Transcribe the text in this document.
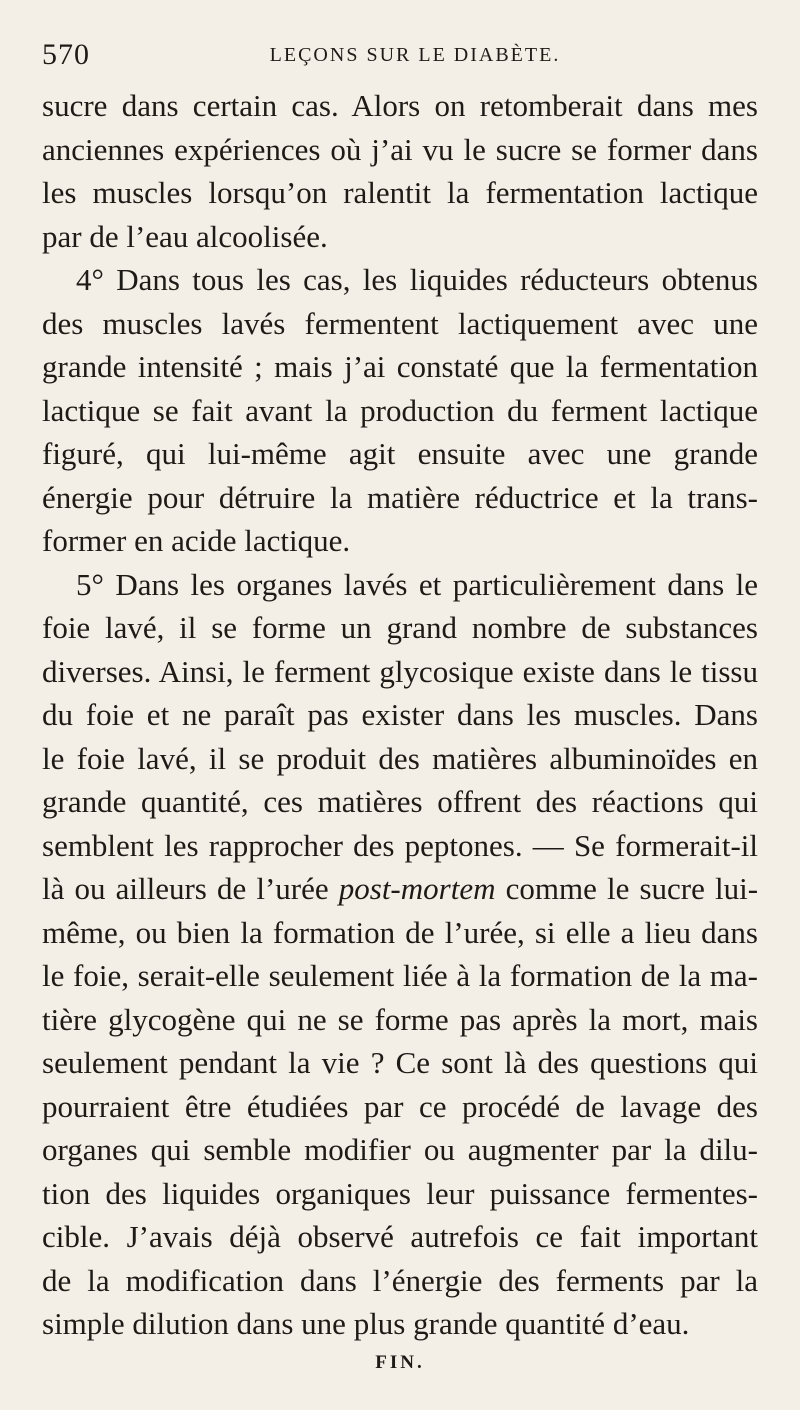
570	LEÇONS SUR LE DIABÈTE.
sucre dans certain cas. Alors on retomberait dans mes
anciennes expériences où j’ai vu le sucre se former dans
les muscles lorsqu’on ralentit la fermentation lactique
par de l’eau alcoolisée.
4° Dans tous les cas, les liquides réducteurs obtenus
des muscles lavés fermentent lactiquement avec une
grande intensité ; mais j’ai constaté que la fermentation
lactique se fait avant la production du ferment lactique
figuré, qui lui-même agit ensuite avec une grande
énergie pour détruire la matière réductrice et la trans-
former en acide lactique.
5° Dans les organes lavés et particulièrement dans le
foie lavé, il se forme un grand nombre de substances
diverses. Ainsi, le ferment glycosique existe dans le tissu
du foie et ne paraît pas exister dans les muscles. Dans
le foie lavé, il se produit des matières albuminoïdes en
grande quantité, ces matières offrent des réactions qui
semblent les rapprocher des peptones. — Se formerait-il
là ou ailleurs de l’urée post-mortem comme le sucre lui-
même, ou bien la formation de l’urée, si elle a lieu dans
le foie, serait-elle seulement liée à la formation de la ma-
tière glycogène qui ne se forme pas après la mort, mais
seulement pendant la vie ? Ce sont là des questions qui
pourraient être étudiées par ce procédé de lavage des
organes qui semble modifier ou augmenter par la dilu-
tion des liquides organiques leur puissance fermentes-
cible. J’avais déjà observé autrefois ce fait important
de la modification dans l’énergie des ferments par la
simple dilution dans une plus grande quantité d’eau.
FIN.
